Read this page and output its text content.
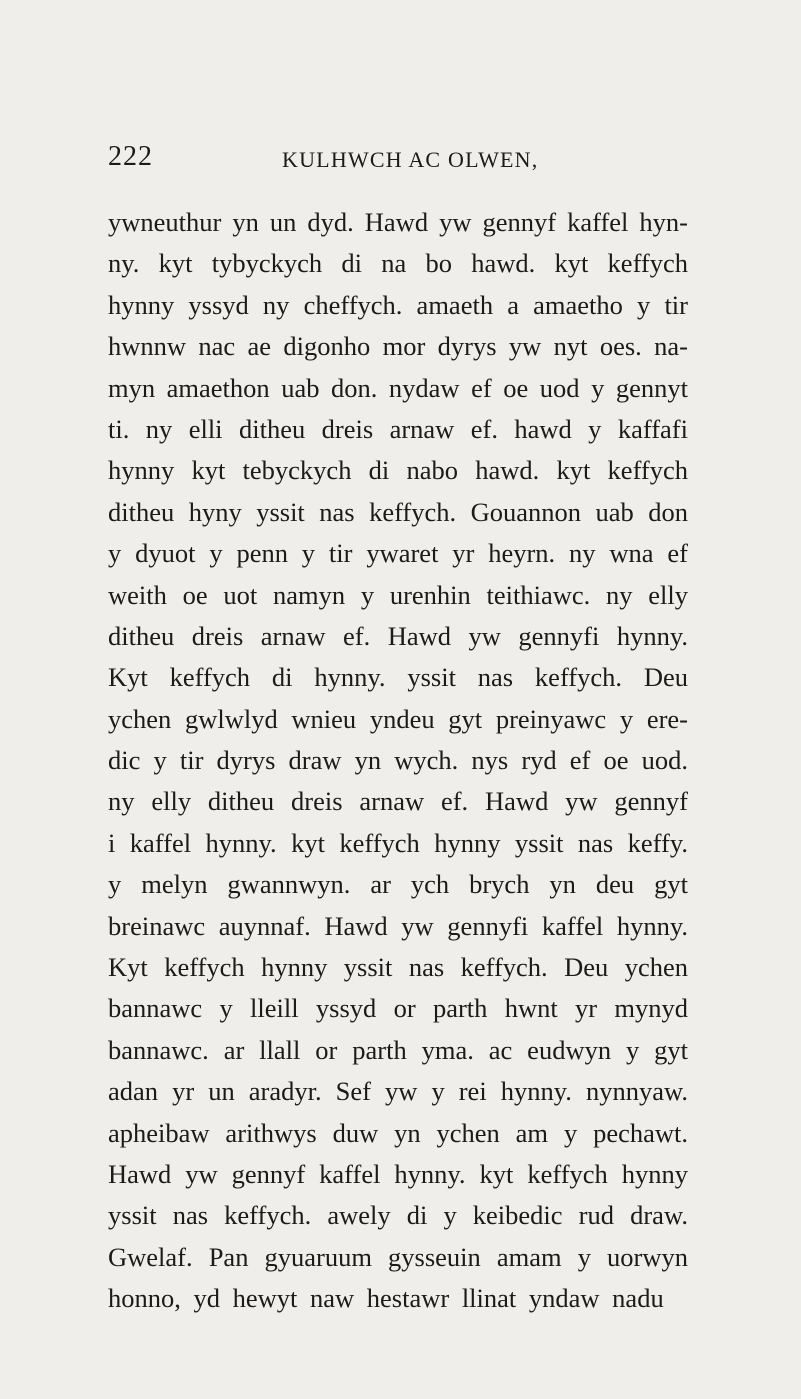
222	KULHWCH AC OLWEN,
ywneuthur yn un dyd. Hawd yw gennyf kaffel hyn-
ny. kyt tybyckych di na bo hawd. kyt keffych
hynny yssyd ny cheffych. amaeth a amaetho y tir
hwnnw nac ae digonho mor dyrys yw nyt oes. na-
myn amaethon uab don. nydaw ef oe uod y gennyt
ti. ny elli ditheu dreis arnaw ef. hawd y kaffafi
hynny kyt tebyckych di nabo hawd. kyt keffych
ditheu hyny yssit nas keffych. Gouannon uab don
y dyuot y penn y tir ywaret yr heyrn. ny wna ef
weith oe uot namyn y urenhin teithiawc. ny elly
ditheu dreis arnaw ef. Hawd yw gennyfi hynny.
Kyt keffych di hynny. yssit nas keffych. Deu
ychen gwlwlyd wnieu yndeu gyt preinyawc y ere-
dic y tir dyrys draw yn wych. nys ryd ef oe uod.
ny elly ditheu dreis arnaw ef. Hawd yw gennyf
i kaffel hynny. kyt keffych hynny yssit nas keffy.
y melyn gwannwyn. ar ych brych yn deu gyt
breinawc auynnaf. Hawd yw gennyfi kaffel hynny.
Kyt keffych hynny yssit nas keffych. Deu ychen
bannawc y lleill yssyd or parth hwnt yr mynyd
bannawc. ar llall or parth yma. ac eudwyn y gyt
adan yr un aradyr. Sef yw y rei hynny. nynnyaw.
apheibaw arithwys duw yn ychen am y pechawt.
Hawd yw gennyf kaffel hynny. kyt keffych hynny
yssit nas keffych. awely di y keibedic rud draw.
Gwelaf. Pan gyuaruum gysseuin amam y uorwyn
honno, yd hewyt naw hestawr llinat yndaw nadu
